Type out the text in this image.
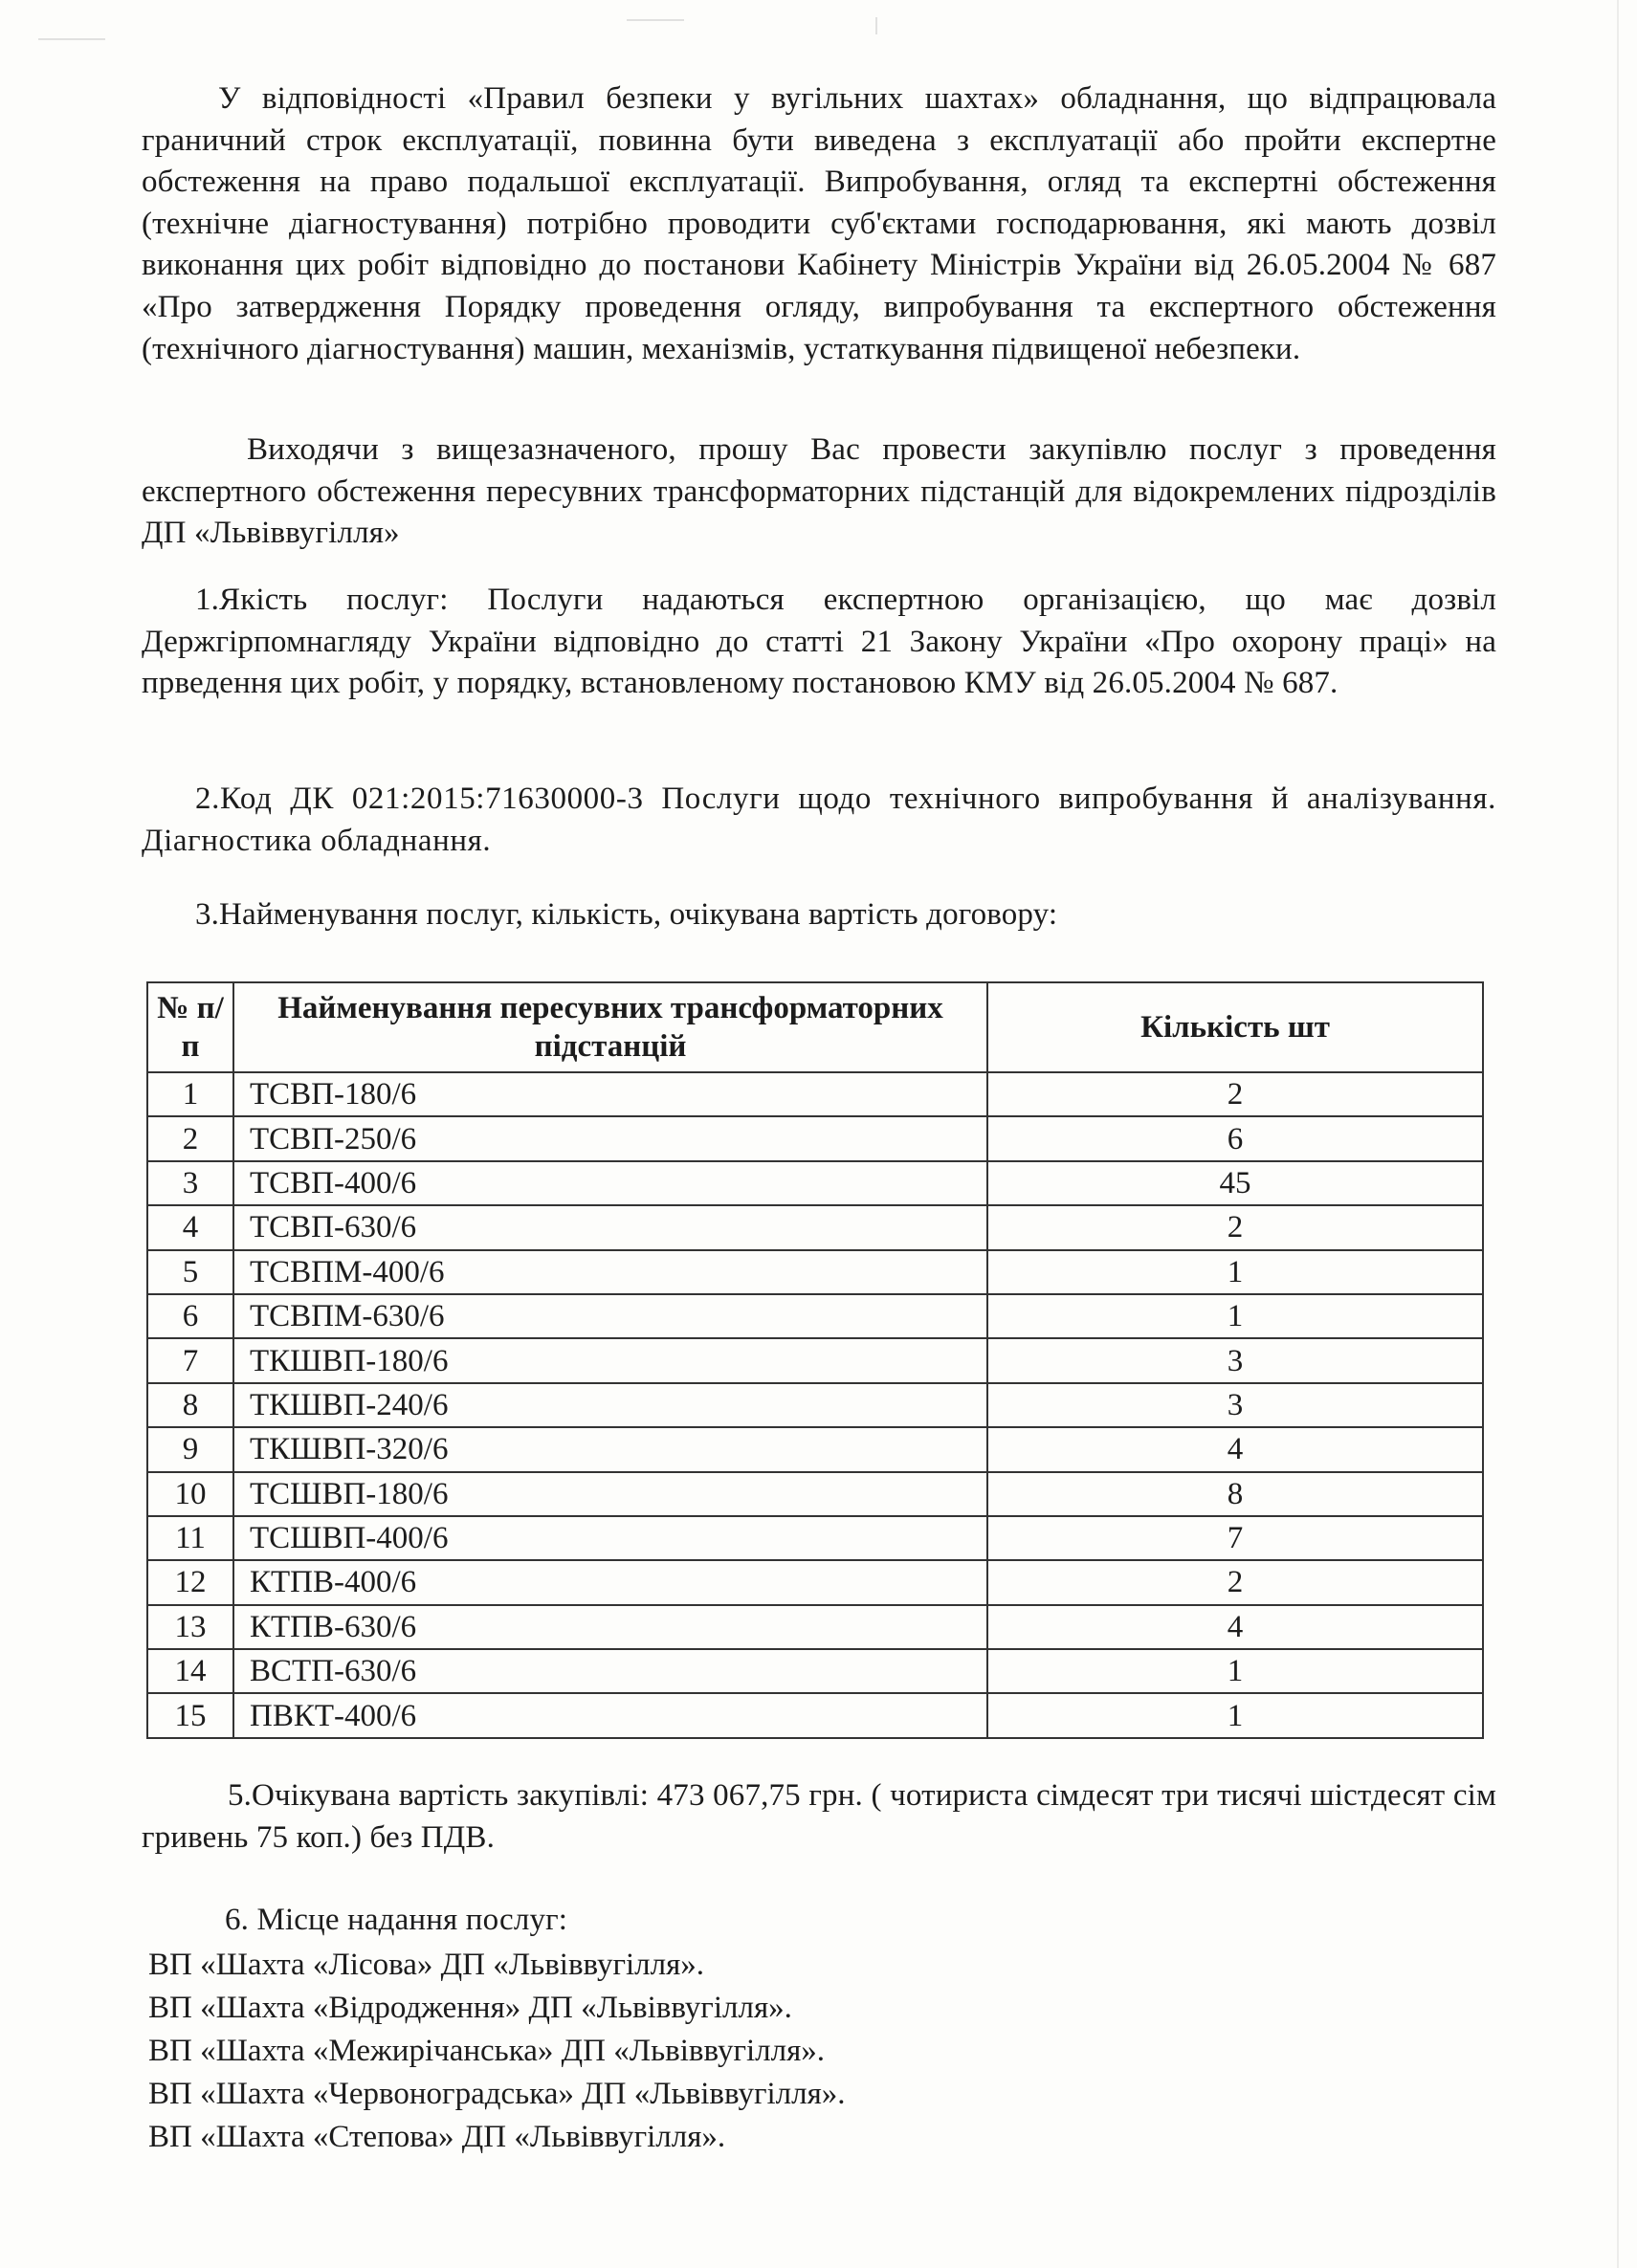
У відповідності «Правил безпеки у вугільних шахтах» обладнання, що відпрацювала граничний строк експлуатації, повинна бути виведена з експлуатації або пройти експертне обстеження на право подальшої експлуатації. Випробування, огляд та експертні обстеження (технічне діагностування) потрібно проводити суб'єктами господарювання, які мають дозвіл виконання цих робіт відповідно до постанови Кабінету Міністрів України від 26.05.2004 № 687 «Про затвердження Порядку проведення огляду, випробування та експертного обстеження (технічного діагностування) машин, механізмів, устаткування підвищеної небезпеки.
Виходячи з вищезазначеного, прошу Вас провести закупівлю послуг з проведення експертного обстеження пересувних трансформаторних підстанцій для відокремлених підрозділів ДП «Львіввугілля»
1.Якість послуг: Послуги надаються експертною організацією, що має дозвіл Держгірпомнагляду України відповідно до статті 21 Закону України «Про охорону праці» на прведення цих робіт, у порядку, встановленому постановою КМУ від 26.05.2004 № 687.
2.Код ДК 021:2015:71630000-3 Послуги щодо технічного випробування й аналізування. Діагностика обладнання.
3.Найменування послуг, кількість, очікувана вартість договору:
№ п/п	Найменування пересувних трансформаторних підстанцій	Кількість шт
1	ТСВП-180/6	2
2	ТСВП-250/6	6
3	ТСВП-400/6	45
4	ТСВП-630/6	2
5	ТСВПМ-400/6	1
6	ТСВПМ-630/6	1
7	ТКШВП-180/6	3
8	ТКШВП-240/6	3
9	ТКШВП-320/6	4
10	ТСШВП-180/6	8
11	ТСШВП-400/6	7
12	КТПВ-400/6	2
13	КТПВ-630/6	4
14	ВСТП-630/6	1
15	ПВКТ-400/6	1
5.Очікувана вартість закупівлі: 473 067,75 грн. ( чотириста сімдесят три тисячі шістдесят сім гривень 75 коп.) без ПДВ.
6. Місце надання послуг:
ВП «Шахта «Лісова» ДП «Львіввугілля».
ВП «Шахта «Відродження» ДП «Львіввугілля».
ВП «Шахта «Межирічанська» ДП «Львіввугілля».
ВП «Шахта «Червоноградська» ДП «Львіввугілля».
ВП «Шахта «Степова» ДП «Львіввугілля».
